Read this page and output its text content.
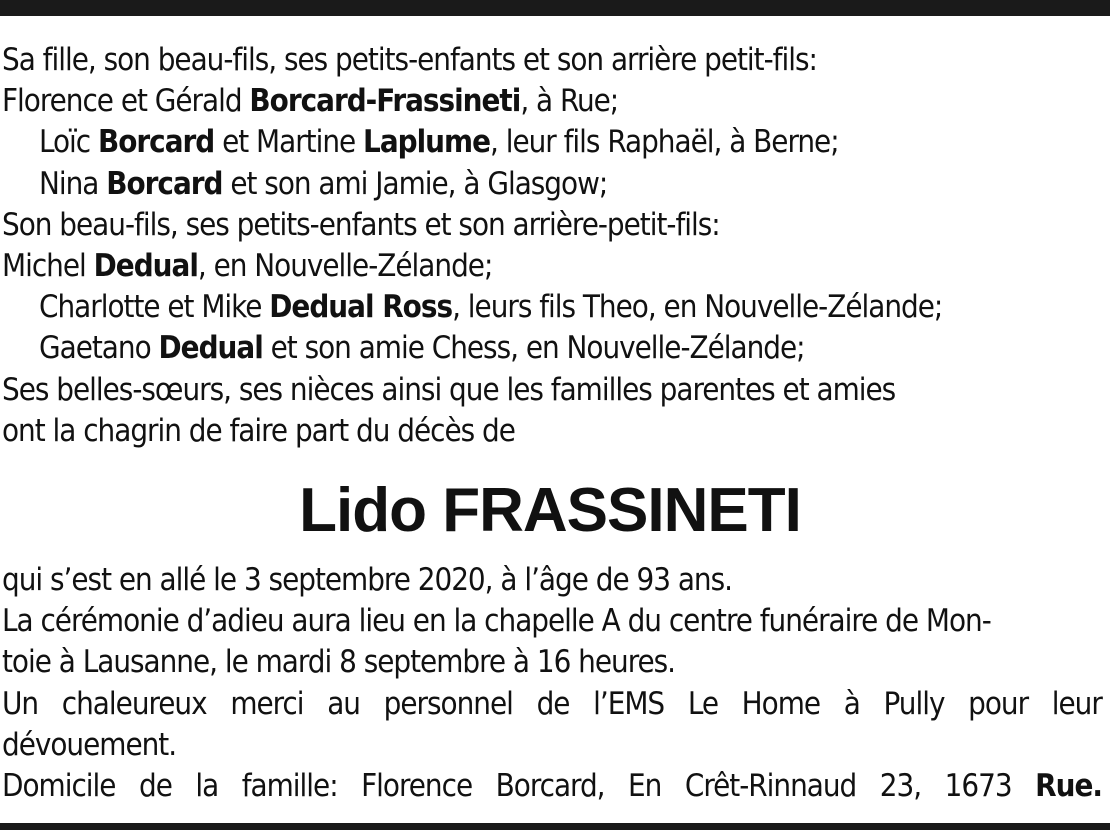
Sa fille, son beau-fils, ses petits-enfants et son arrière petit-fils:
Florence et Gérald Borcard-Frassineti, à Rue;
Loïc Borcard et Martine Laplume, leur fils Raphaël, à Berne;
Nina Borcard et son ami Jamie, à Glasgow;
Son beau-fils, ses petits-enfants et son arrière-petit-fils:
Michel Dedual, en Nouvelle-Zélande;
Charlotte et Mike Dedual Ross, leurs fils Theo, en Nouvelle-Zélande;
Gaetano Dedual et son amie Chess, en Nouvelle-Zélande;
Ses belles-sœurs, ses nièces ainsi que les familles parentes et amies
ont la chagrin de faire part du décès de
Lido FRASSINETI
qui s’est en allé le 3 septembre 2020, à l’âge de 93 ans.
La cérémonie d’adieu aura lieu en la chapelle A du centre funéraire de Mon-
toie à Lausanne, le mardi 8 septembre à 16 heures.
Un chaleureux merci au personnel de l’EMS Le Home à Pully pour leur
dévouement.
Domicile de la famille: Florence Borcard, En Crêt-Rinnaud 23, 1673 Rue.
